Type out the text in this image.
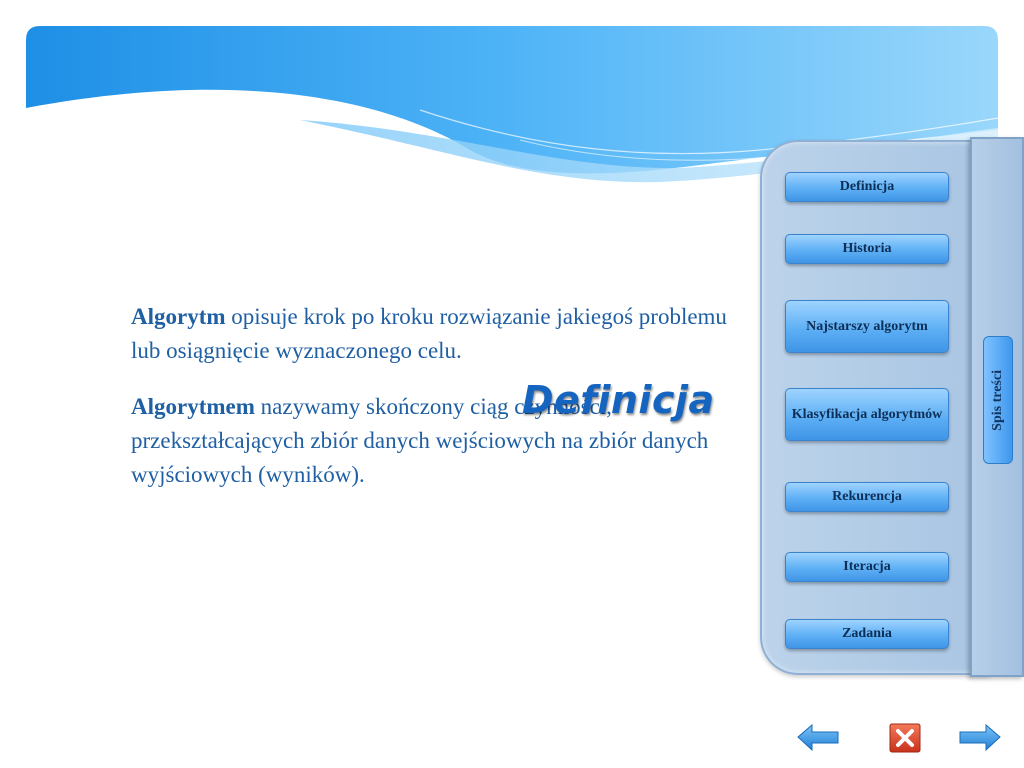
Algorytm opisuje krok po kroku rozwiązanie jakiegoś problemu lub osiągnięcie wyznaczonego celu.

Algorytmem nazywamy skończony ciąg czynności, przekształcających zbiór danych wejściowych na zbiór danych wyjściowych (wyników).

Definicja	Spis treści
Definicja
Historia
Najstarszy algorytm
Klasyfikacja algorytmów
Rekurencja
Iteracja
Zadania
